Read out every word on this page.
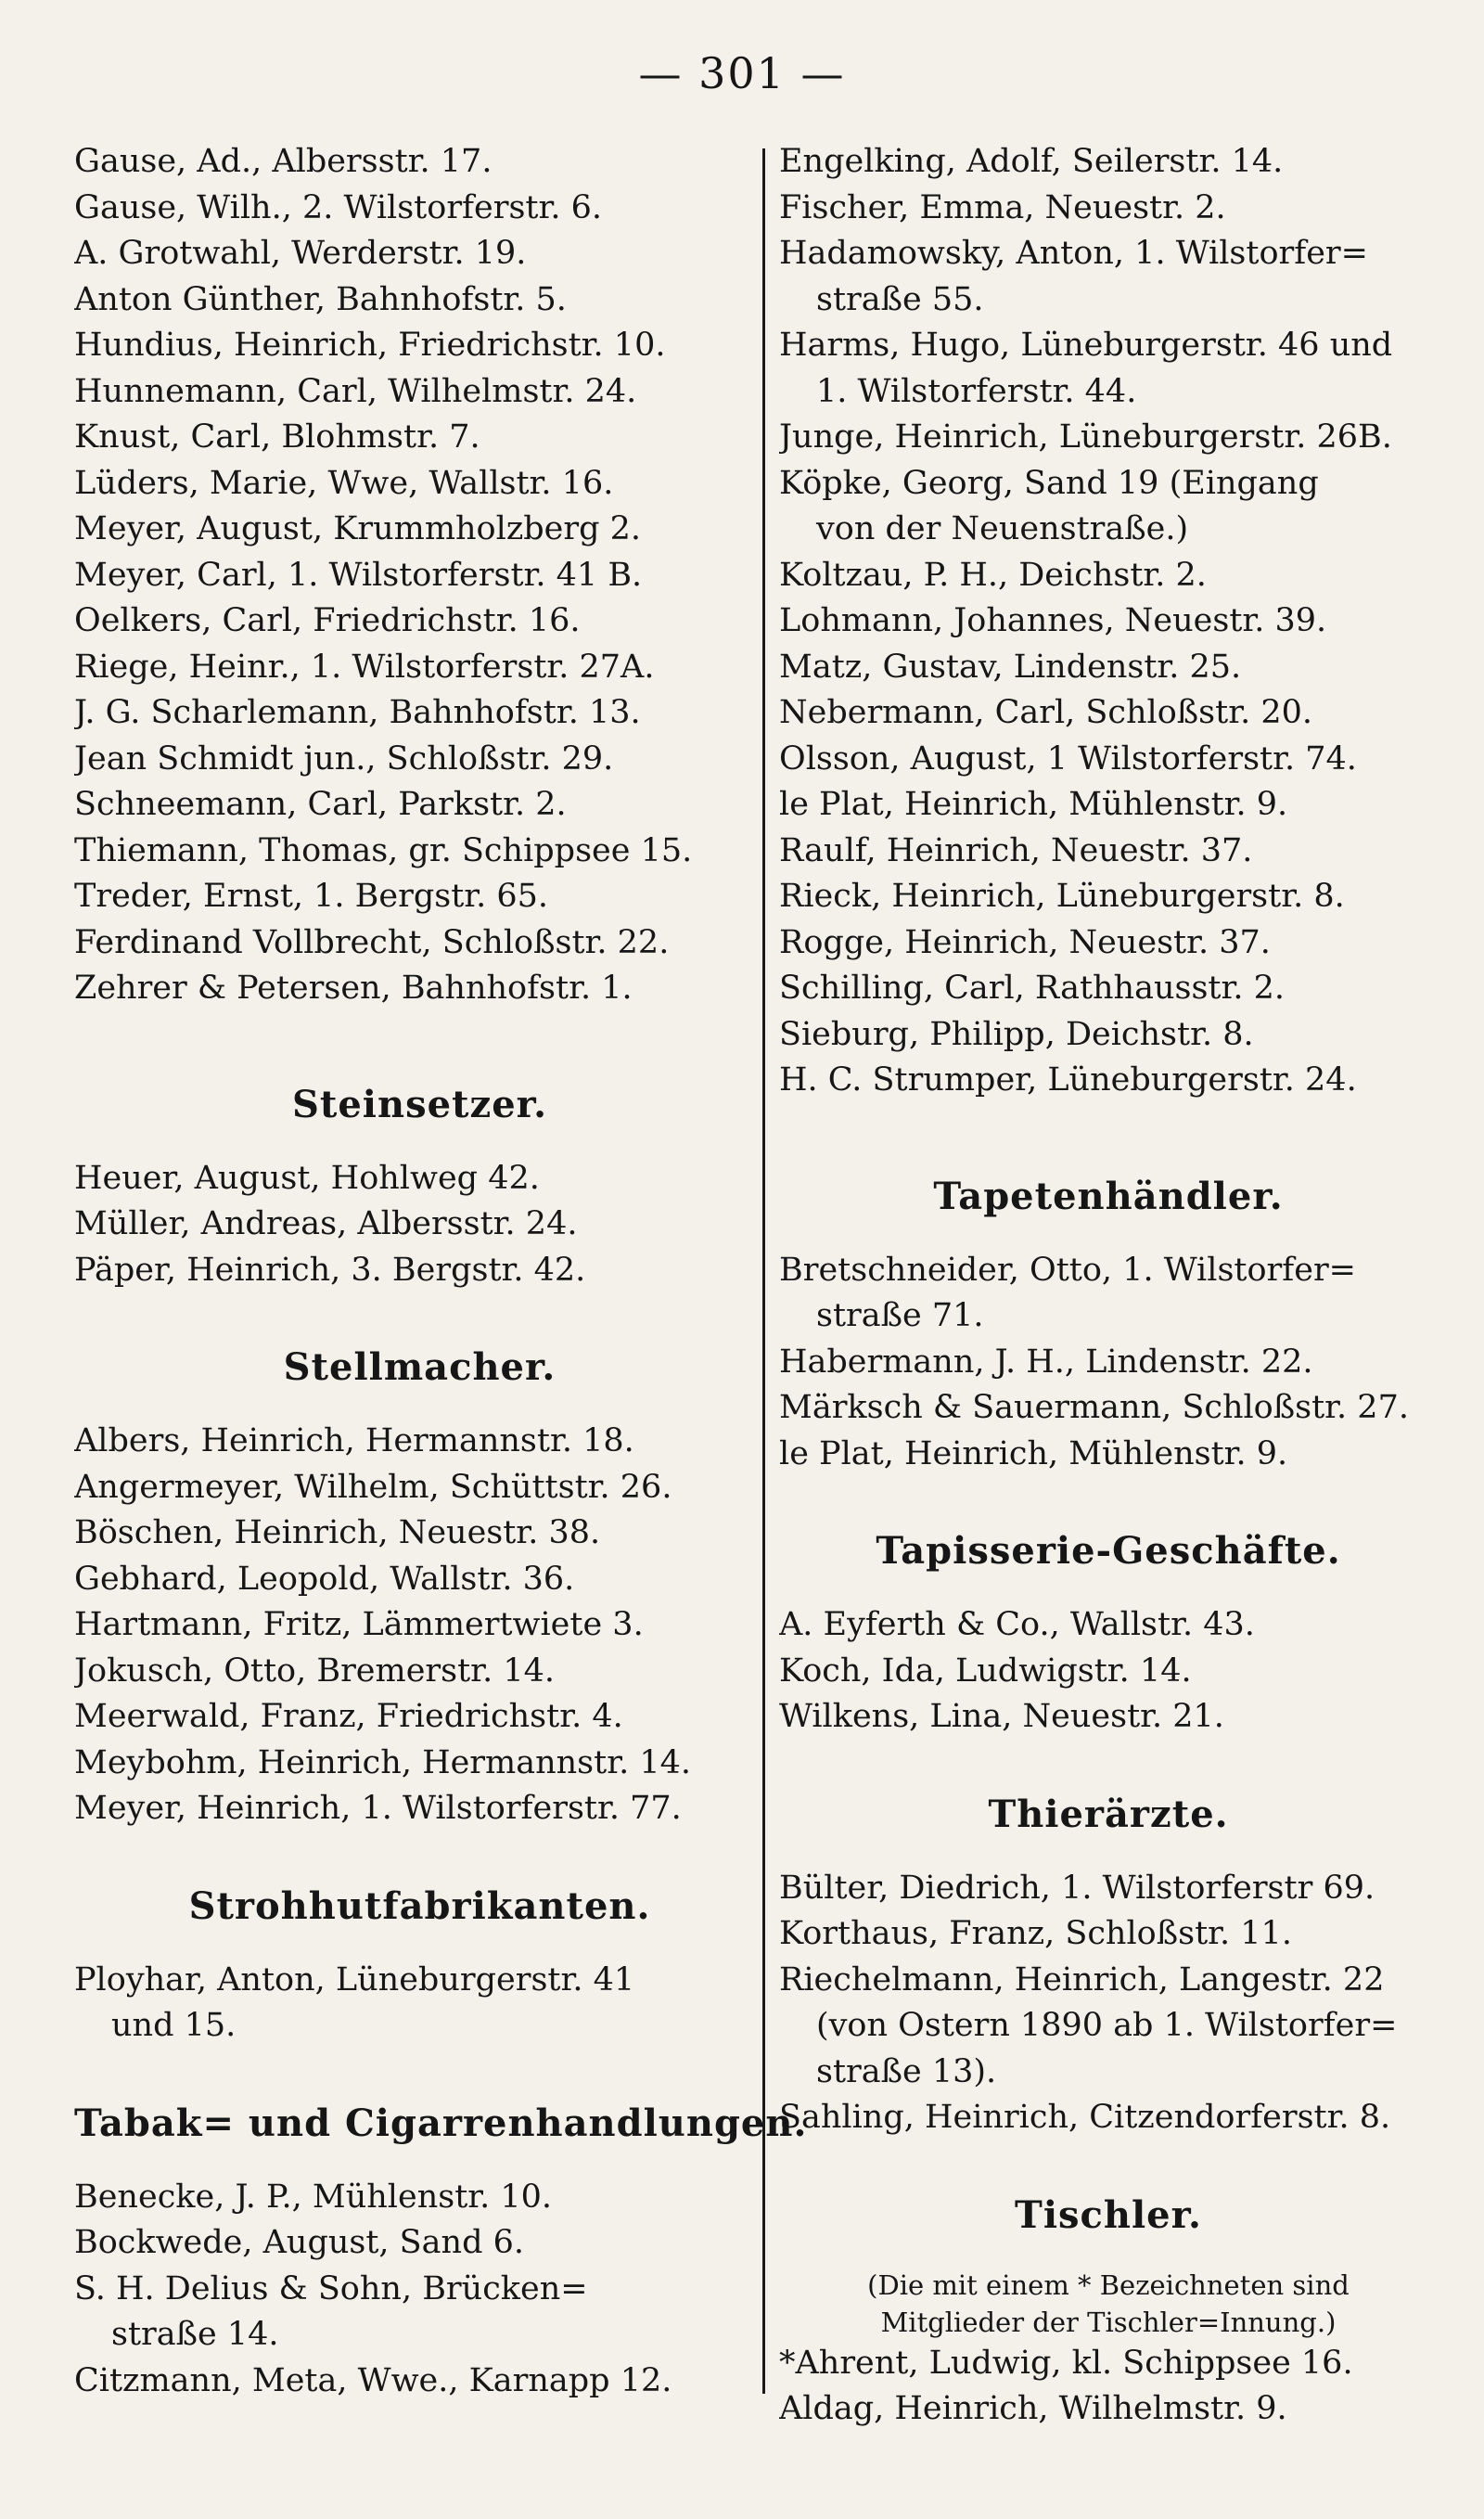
— 301 —
Gause, Ad., Albersstr. 17.
Gause, Wilh., 2. Wilstorferstr. 6.
A. Grotwahl, Werderstr. 19.
Anton Günther, Bahnhofstr. 5.
Hundius, Heinrich, Friedrichstr. 10.
Hunnemann, Carl, Wilhelmstr. 24.
Knust, Carl, Blohmstr. 7.
Lüders, Marie, Wwe, Wallstr. 16.
Meyer, August, Krummholzberg 2.
Meyer, Carl, 1. Wilstorferstr. 41 B.
Oelkers, Carl, Friedrichstr. 16.
Riege, Heinr., 1. Wilstorferstr. 27A.
J. G. Scharlemann, Bahnhofstr. 13.
Jean Schmidt jun., Schloßstr. 29.
Schneemann, Carl, Parkstr. 2.
Thiemann, Thomas, gr. Schippsee 15.
Treder, Ernst, 1. Bergstr. 65.
Ferdinand Vollbrecht, Schloßstr. 22.
Zehrer & Petersen, Bahnhofstr. 1.
Steinsetzer.
Heuer, August, Hohlweg 42.
Müller, Andreas, Albersstr. 24.
Päper, Heinrich, 3. Bergstr. 42.
Stellmacher.
Albers, Heinrich, Hermannstr. 18.
Angermeyer, Wilhelm, Schüttstr. 26.
Böschen, Heinrich, Neuestr. 38.
Gebhard, Leopold, Wallstr. 36.
Hartmann, Fritz, Lämmertwiete 3.
Jokusch, Otto, Bremerstr. 14.
Meerwald, Franz, Friedrichstr. 4.
Meybohm, Heinrich, Hermannstr. 14.
Meyer, Heinrich, 1. Wilstorferstr. 77.
Strohhutfabrikanten.
Ployhar, Anton, Lüneburgerstr. 41
und 15.
Tabak= und Cigarrenhandlungen.
Benecke, J. P., Mühlenstr. 10.
Bockwede, August, Sand 6.
S. H. Delius & Sohn, Brücken=
straße 14.
Citzmann, Meta, Wwe., Karnapp 12.
Engelking, Adolf, Seilerstr. 14.
Fischer, Emma, Neuestr. 2.
Hadamowsky, Anton, 1. Wilstorfer=
straße 55.
Harms, Hugo, Lüneburgerstr. 46 und
1. Wilstorferstr. 44.
Junge, Heinrich, Lüneburgerstr. 26B.
Köpke, Georg, Sand 19 (Eingang
von der Neuenstraße.)
Koltzau, P. H., Deichstr. 2.
Lohmann, Johannes, Neuestr. 39.
Matz, Gustav, Lindenstr. 25.
Nebermann, Carl, Schloßstr. 20.
Olsson, August, 1 Wilstorferstr. 74.
le Plat, Heinrich, Mühlenstr. 9.
Raulf, Heinrich, Neuestr. 37.
Rieck, Heinrich, Lüneburgerstr. 8.
Rogge, Heinrich, Neuestr. 37.
Schilling, Carl, Rathhausstr. 2.
Sieburg, Philipp, Deichstr. 8.
H. C. Strumper, Lüneburgerstr. 24.
Tapetenhändler.
Bretschneider, Otto, 1. Wilstorfer=
straße 71.
Habermann, J. H., Lindenstr. 22.
Märksch & Sauermann, Schloßstr. 27.
le Plat, Heinrich, Mühlenstr. 9.
Tapisserie-Geschäfte.
A. Eyferth & Co., Wallstr. 43.
Koch, Ida, Ludwigstr. 14.
Wilkens, Lina, Neuestr. 21.
Thierärzte.
Bülter, Diedrich, 1. Wilstorferstr 69.
Korthaus, Franz, Schloßstr. 11.
Riechelmann, Heinrich, Langestr. 22
(von Ostern 1890 ab 1. Wilstorfer=
straße 13).
Sahling, Heinrich, Citzendorferstr. 8.
Tischler.
(Die mit einem * Bezeichneten sind
Mitglieder der Tischler=Innung.)
*Ahrent, Ludwig, kl. Schippsee 16.
Aldag, Heinrich, Wilhelmstr. 9.
